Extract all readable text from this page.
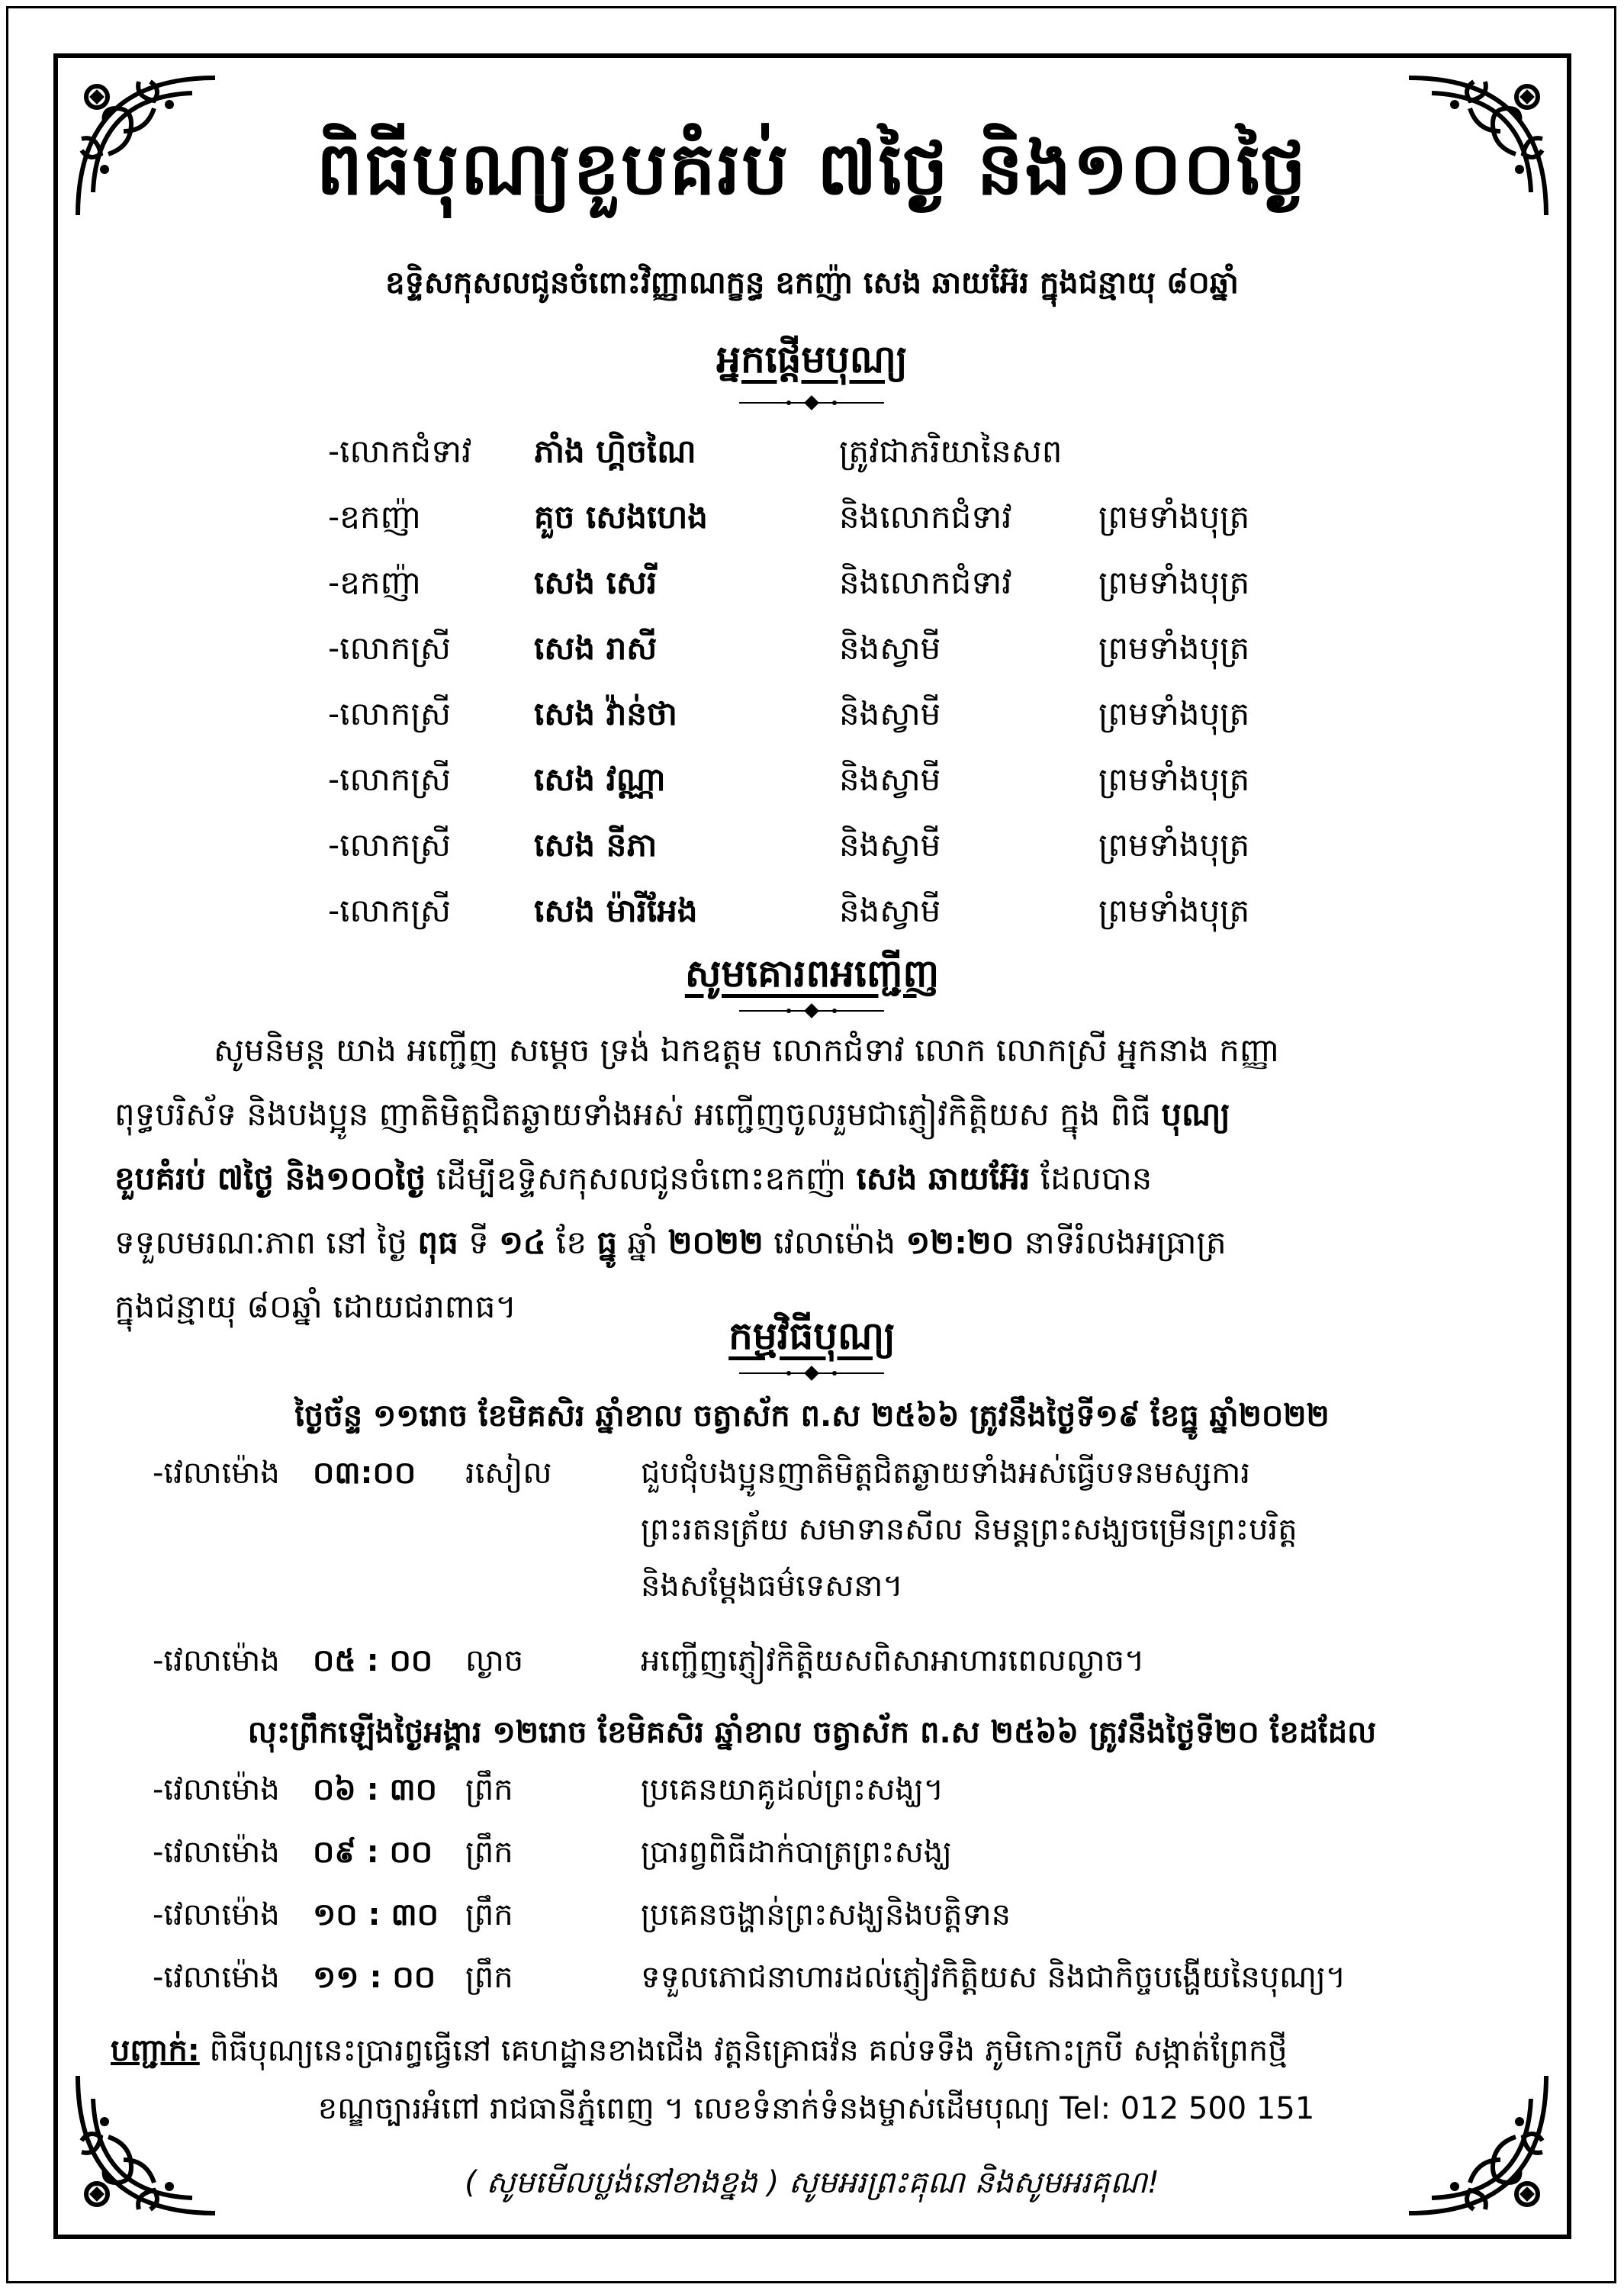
ពិធីបុណ្យខួបគំរប់ ៧ថ្ងៃ និង១០០ថ្ងៃ
ឧទ្ទិសកុសលជូនចំពោះវិញ្ញាណក្ខន្ធ ឧកញ៉ា សេង ឆាយអ៊ែរ ក្នុងជន្មាយុ ៨០ឆ្នាំ
អ្នកផ្តើមបុណ្យ
-លោកជំទាវ ភាំង ហ្គិចណៃ	ត្រូវជាភរិយានៃសព
-ឧកញ៉ា	គួច សេងហេង	និងលោកជំទាវ	ព្រមទាំងបុត្រ
-ឧកញ៉ា	សេង សេរី	និងលោកជំទាវ	ព្រមទាំងបុត្រ
-លោកស្រី	សេង រាសី	និងស្វាមី	ព្រមទាំងបុត្រ
-លោកស្រី	សេង វ៉ាន់ថា	និងស្វាមី	ព្រមទាំងបុត្រ
-លោកស្រី	សេង វណ្ណា	និងស្វាមី	ព្រមទាំងបុត្រ
-លោកស្រី	សេង នីភា	និងស្វាមី	ព្រមទាំងបុត្រ
-លោកស្រី	សេង ម៉ារីអែង	និងស្វាមី	ព្រមទាំងបុត្រ
សូមគោរពអញ្ជើញ
សូមនិមន្ត យាង អញ្ជើញ សម្តេច ទ្រង់ ឯកឧត្តម លោកជំទាវ លោក លោកស្រី អ្នកនាង កញ្ញា
ពុទ្ធបរិស័ទ និងបងប្អូន ញាតិមិត្តជិតឆ្ងាយទាំងអស់ អញ្ជើញចូលរួមជាភ្ញៀវកិត្តិយស ក្នុង ពិធី បុណ្យ
ខួបគំរប់ ៧ថ្ងៃ និង១០០ថ្ងៃ ដើម្បីឧទ្ទិសកុសលជូនចំពោះឧកញ៉ា សេង ឆាយអ៊ែរ ដែលបាន
ទទួលមរណៈភាព នៅ ថ្ងៃ ពុធ ទី ១៤ ខែ ធ្នូ ឆ្នាំ ២០២២ វេលាម៉ោង ១២:២០ នាទីរំលងអធ្រាត្រ
ក្នុងជន្មាយុ ៨០ឆ្នាំ ដោយជរាពាធ។
កម្មវិធីបុណ្យ
ថ្ងៃច័ន្ទ ១១រោច ខែមិគសិរ ឆ្នាំខាល ចត្វាស័ក ព.ស ២៥៦៦ ត្រូវនឹងថ្ងៃទី១៩ ខែធ្នូ ឆ្នាំ២០២២
-វេលាម៉ោង ០៣:០០ រសៀល	ជួបជុំបងប្អូនញាតិមិត្តជិតឆ្ងាយទាំងអស់ធ្វើបទនមស្សការ
ព្រះរតនត្រ័យ សមាទានសីល និមន្តព្រះសង្ឃចម្រើនព្រះបរិត្ត
និងសម្តែងធម៌ទេសនា។
-វេលាម៉ោង ០៥ : ០០ ល្ងាច	អញ្ជើញភ្ញៀវកិត្តិយសពិសាអាហារពេលល្ងាច។
លុះព្រឹកឡើងថ្ងៃអង្គារ ១២រោច ខែមិគសិរ ឆ្នាំខាល ចត្វាស័ក ព.ស ២៥៦៦ ត្រូវនឹងថ្ងៃទី២០ ខែដដែល
-វេលាម៉ោង ០៦ : ៣០ ព្រឹក	ប្រគេនយាគូដល់ព្រះសង្ឃ។
-វេលាម៉ោង ០៩ : ០០ ព្រឹក	ប្រារព្វពិធីដាក់បាត្រព្រះសង្ឃ
-វេលាម៉ោង ១០ : ៣០ ព្រឹក	ប្រគេនចង្ហាន់ព្រះសង្ឃនិងបត្តិទាន
-វេលាម៉ោង ១១ : ០០ ព្រឹក	ទទួលភោជនាហារដល់ភ្ញៀវកិត្តិយស និងជាកិច្ចបង្ហើយនៃបុណ្យ។
បញ្ជាក់: ពិធីបុណ្យនេះប្រារព្ធធ្វើនៅ គេហដ្ឋានខាងជើង វត្តនិគ្រោធវ៉ន គល់ទទឹង ភូមិកោះក្របី សង្កាត់ព្រែកថ្មី
ខណ្ឌច្បារអំពៅ រាជធានីភ្នំពេញ ។ លេខទំនាក់ទំនងម្ចាស់ដើមបុណ្យ Tel: 012 500 151
( សូមមើលប្លង់នៅខាងខ្នង ) សូមអរព្រះគុណ និងសូមអរគុណ!
